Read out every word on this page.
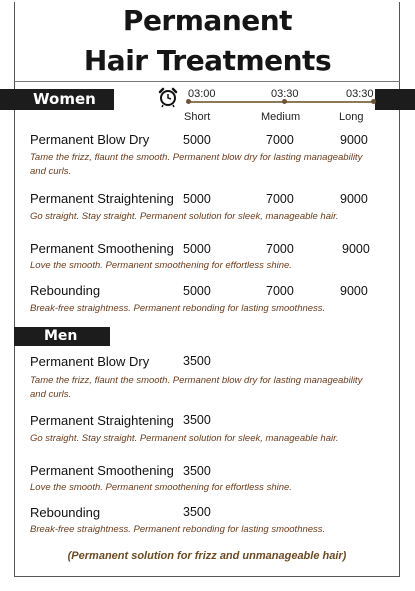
Permanent
Hair Treatments
Women	03:00	03:30	03:30
Short	Medium	Long
Permanent Blow Dry	5000	7000	9000
Tame the frizz, flaunt the smooth. Permanent blow dry for lasting manageability and curls.
Permanent Straightening 5000	7000	9000
Go straight. Stay straight. Permanent solution for sleek, manageable hair.
Permanent Smoothening 5000	7000	9000
Love the smooth. Permanent smoothening for effortless shine.
Rebounding	5000	7000	9000
Break-free straightness. Permanent rebonding for lasting smoothness.
Men
Permanent Blow Dry	3500
Tame the frizz, flaunt the smooth. Permanent blow dry for lasting manageability and curls.
Permanent Straightening 3500
Go straight. Stay straight. Permanent solution for sleek, manageable hair.
Permanent Smoothening 3500
Love the smooth. Permanent smoothening for effortless shine.
Rebounding	3500
Break-free straightness. Permanent rebonding for lasting smoothness.
(Permanent solution for frizz and unmanageable hair)
